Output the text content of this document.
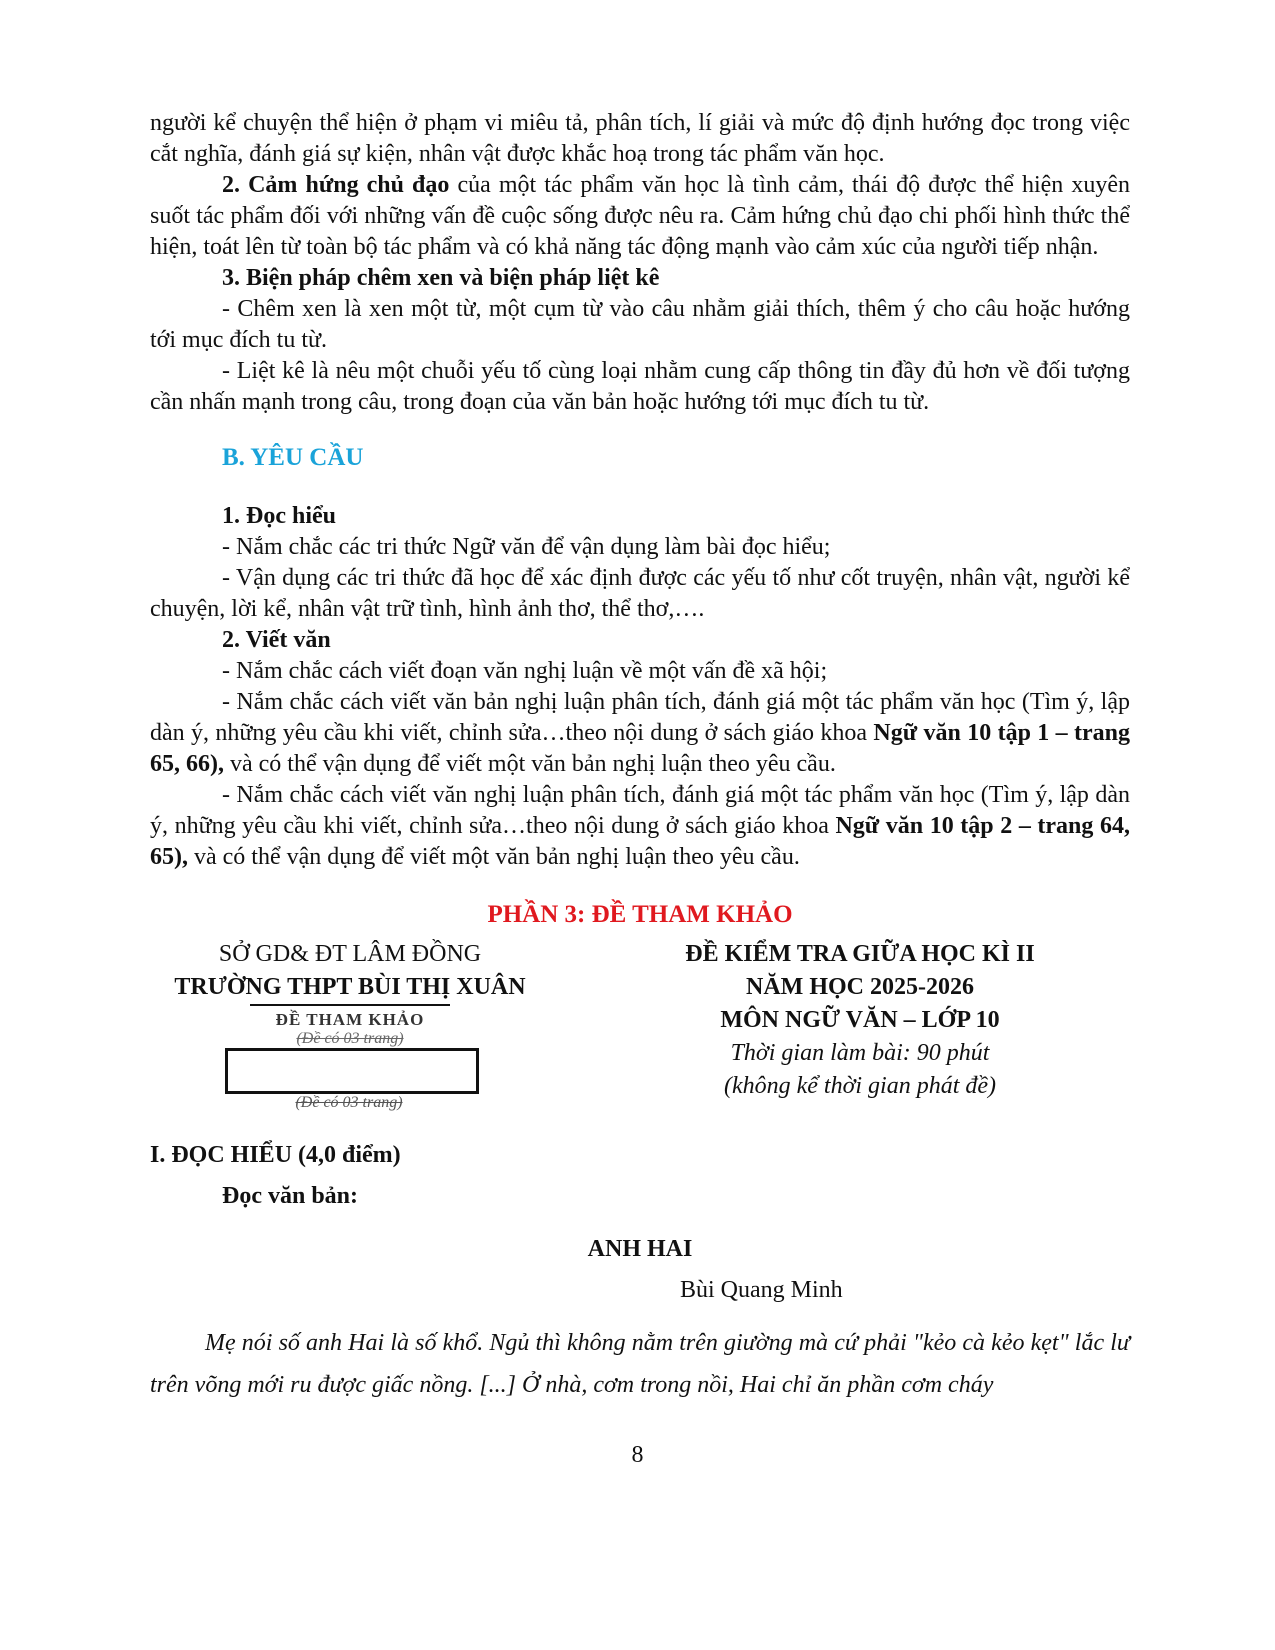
người kể chuyện thể hiện ở phạm vi miêu tả, phân tích, lí giải và mức độ định hướng đọc trong việc cắt nghĩa, đánh giá sự kiện, nhân vật được khắc hoạ trong tác phẩm văn học.

2. Cảm hứng chủ đạo của một tác phẩm văn học là tình cảm, thái độ được thể hiện xuyên suốt tác phẩm đối với những vấn đề cuộc sống được nêu ra. Cảm hứng chủ đạo chi phối hình thức thể hiện, toát lên từ toàn bộ tác phẩm và có khả năng tác động mạnh vào cảm xúc của người tiếp nhận.

3. Biện pháp chêm xen và biện pháp liệt kê

- Chêm xen là xen một từ, một cụm từ vào câu nhằm giải thích, thêm ý cho câu hoặc hướng tới mục đích tu từ.

- Liệt kê là nêu một chuỗi yếu tố cùng loại nhằm cung cấp thông tin đầy đủ hơn về đối tượng cần nhấn mạnh trong câu, trong đoạn của văn bản hoặc hướng tới mục đích tu từ.

B. YÊU CẦU

1. Đọc hiểu

- Nắm chắc các tri thức Ngữ văn để vận dụng làm bài đọc hiểu;

- Vận dụng các tri thức đã học để xác định được các yếu tố như cốt truyện, nhân vật, người kể chuyện, lời kể, nhân vật trữ tình, hình ảnh thơ, thể thơ,….

2. Viết văn

- Nắm chắc cách viết đoạn văn nghị luận về một vấn đề xã hội;

- Nắm chắc cách viết văn bản nghị luận phân tích, đánh giá một tác phẩm văn học (Tìm ý, lập dàn ý, những yêu cầu khi viết, chỉnh sửa…theo nội dung ở sách giáo khoa Ngữ văn 10 tập 1 – trang 65, 66), và có thể vận dụng để viết một văn bản nghị luận theo yêu cầu.

- Nắm chắc cách viết văn nghị luận phân tích, đánh giá một tác phẩm văn học (Tìm ý, lập dàn ý, những yêu cầu khi viết, chỉnh sửa…theo nội dung ở sách giáo khoa Ngữ văn 10 tập 2 – trang 64, 65), và có thể vận dụng để viết một văn bản nghị luận theo yêu cầu.

PHẦN 3: ĐỀ THAM KHẢO
SỞ GD& ĐT LÂM ĐỒNG
TRƯỜNG THPT BÙI THỊ XUÂN
ĐỀ THAM KHẢO
(Đề có 03 trang)
(Đề có 03 trang)
ĐỀ KIỂM TRA GIỮA HỌC KÌ II
NĂM HỌC 2025-2026
MÔN NGỮ VĂN – LỚP 10
Thời gian làm bài: 90 phút
(không kể thời gian phát đề)
I. ĐỌC HIỂU (4,0 điểm)

Đọc văn bản:

ANH HAI

Bùi Quang Minh

Mẹ nói số anh Hai là số khổ. Ngủ thì không nằm trên giường mà cứ phải "kẻo cà kẻo kẹt" lắc lư trên võng mới ru được giấc nồng. [...] Ở nhà, cơm trong nồi, Hai chỉ ăn phần cơm cháy

8
